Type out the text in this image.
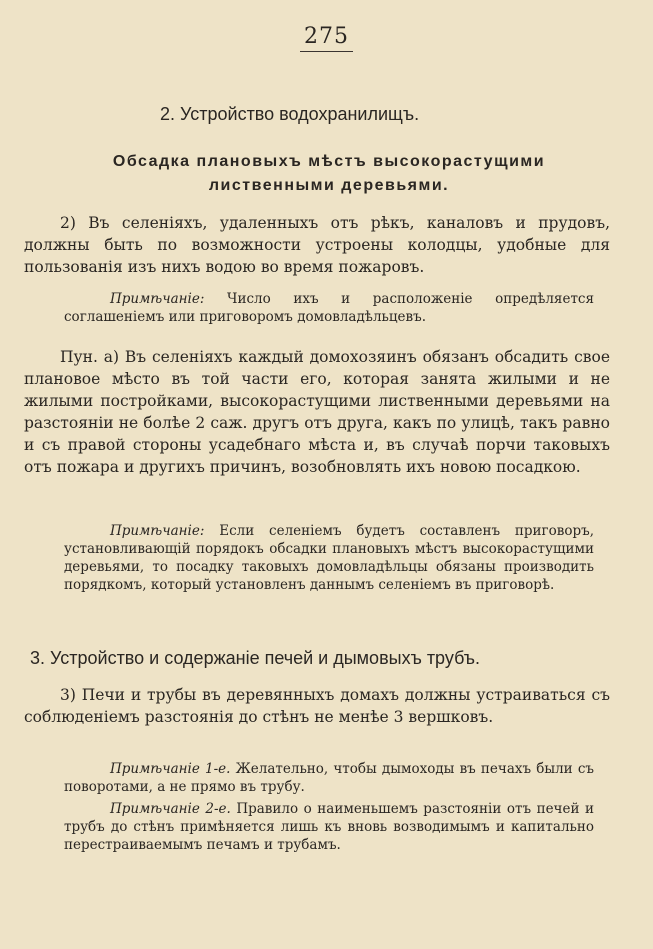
275
2. Устройство водохранилищъ.
Обсадка плановыхъ мѣстъ высокорастущими
лиственными деревьями.
2) Въ селеніяхъ, удаленныхъ отъ рѣкъ, каналовъ и прудовъ, должны быть по возможности устроены колодцы, удобные для пользованія изъ нихъ водою во время пожаровъ.
Примѣчаніе: Число ихъ и расположеніе опредѣляется соглашеніемъ или приговоромъ домовладѣльцевъ.
Пун. а) Въ селеніяхъ каждый домохозяинъ обязанъ обсадить свое плановое мѣсто въ той части его, которая занята жилыми и не жилыми постройками, высокорастущими лиственными деревьями на разстояніи не болѣе 2 саж. другъ отъ друга, какъ по улицѣ, такъ равно и съ правой стороны усадебнаго мѣста и, въ случаѣ порчи таковыхъ отъ пожара и другихъ причинъ, возобновлять ихъ новою посадкою.
Примѣчаніе: Если селеніемъ будетъ составленъ приговоръ, установливающій порядокъ обсадки плановыхъ мѣстъ высокорастущими деревьями, то посадку таковыхъ домовладѣльцы обязаны производить порядкомъ, который установленъ даннымъ селеніемъ въ приговорѣ.
3. Устройство и содержаніе печей и дымовыхъ трубъ.
3) Печи и трубы въ деревянныхъ домахъ должны устраиваться съ соблюденіемъ разстоянія до стѣнъ не менѣе 3 вершковъ.
Примѣчаніе 1-е. Желательно, чтобы дымоходы въ печахъ были съ поворотами, а не прямо въ трубу.
Примѣчаніе 2-е. Правило о наименьшемъ разстояніи отъ печей и трубъ до стѣнъ примѣняется лишь къ вновь возводимымъ и капитально перестраиваемымъ печамъ и трубамъ.
